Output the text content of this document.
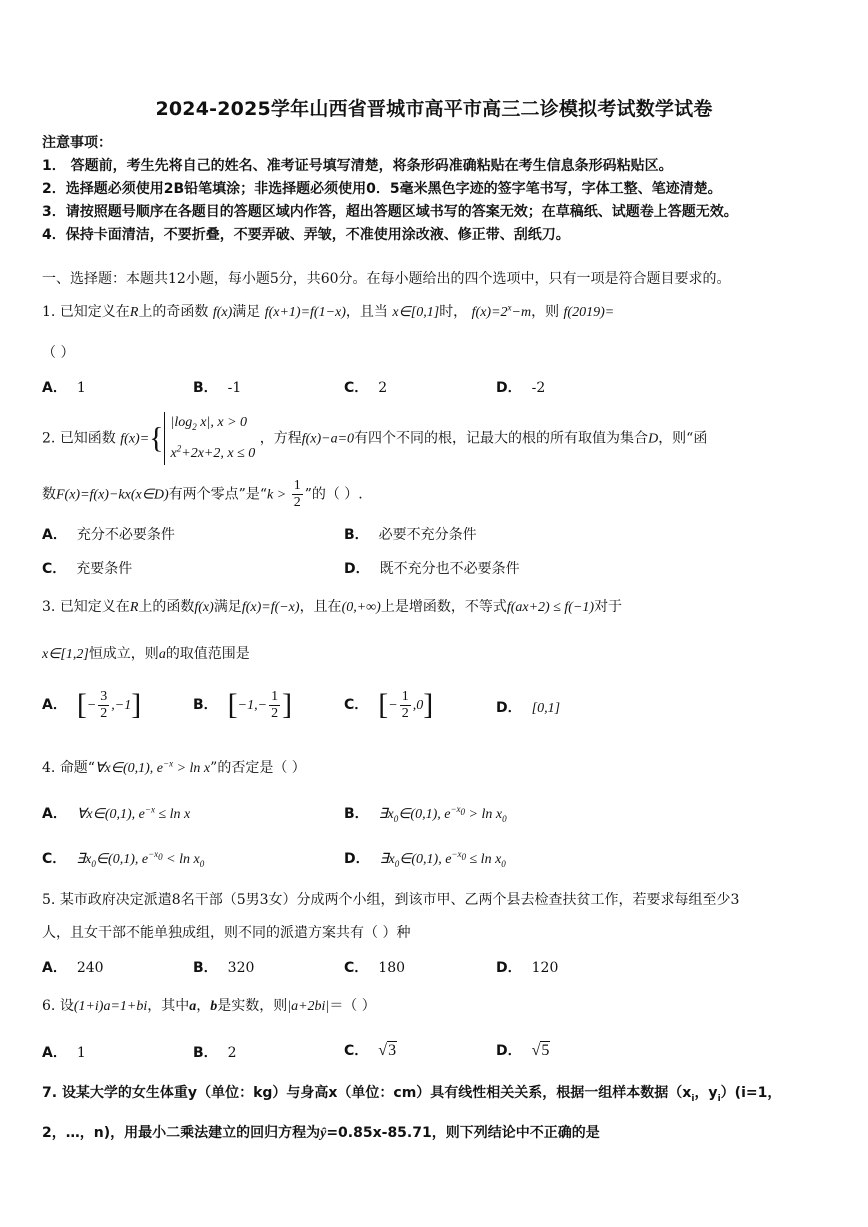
2024-2025学年山西省晋城市高平市高三二诊模拟考试数学试卷
注意事项：
1． 答题前，考生先将自己的姓名、准考证号填写清楚，将条形码准确粘贴在考生信息条形码粘贴区。
2．选择题必须使用2B铅笔填涂；非选择题必须使用0．5毫米黑色字迹的签字笔书写，字体工整、笔迹清楚。
3．请按照题号顺序在各题目的答题区域内作答，超出答题区域书写的答案无效；在草稿纸、试题卷上答题无效。
4．保持卡面清洁，不要折叠，不要弄破、弄皱，不准使用涂改液、修正带、刮纸刀。
一、选择题：本题共12小题，每小题5分，共60分。在每小题给出的四个选项中，只有一项是符合题目要求的。
1. 已知定义在R上的奇函数 f(x)满足 f(x+1)=f(1−x)，且当 x∈[0,1]时， $f(x)=2^x-m$，则 f(2019)=
（ ）
A． 1	B． -1	C． 2	D． -2
2. 已知函数 f(x)={ $|\log_2$ x|, x > 0
$x^2+2x+2$, x ≤ 0 ，方程f(x)−a=0有四个不同的根，记最大的根的所有取值为集合D，则“函
数F(x)=f(x)−kx(x∈D)有两个零点”是“$k > \frac{1}{2}$ ”的（ ）.
A． 充分不必要条件	B． 必要不充分条件
C． 充要条件	D． 既不充分也不必要条件
3. 已知定义在R上的函数f(x)满足f(x)=f(−x)，且在(0,+∞)上是增函数，不等式f(ax+2) ≤ f(−1)对于
x∈[1,2]恒成立，则a的取值范围是
A． [− $\frac{3}{2} ,-1$]	B． [$-1,- \frac{1}{2}$ ]	C． [− $\frac{1}{2} ,0$]	D． [0,1]
4. 命题“∀x∈(0,1), $e^{-x} > \ln x$”的否定是（ ）
A． ∀x∈(0,1), $e^{-x} \le \ln x$	B． $\exists x_0\in(0,1)$, $e^{-x_0} > \ln x_0$
C． $\exists x_0\in(0,1)$, $e^{-x_0} < \ln x_0$	D． $\exists x_0\in(0,1)$, $e^{-x_0} \le \ln x_0$
5. 某市政府决定派遣8名干部（5男3女）分成两个小组，到该市甲、乙两个县去检查扶贫工作，若要求每组至少3
人，且女干部不能单独成组，则不同的派遣方案共有（ ）种
A． 240	B． 320	C． 180	D． 120
6. 设(1+i)a=1+bi，其中a，b是实数，则|a+2bi|＝（ ）
A． 1	B． 2	C． √3	D． √5
7. 设某大学的女生体重y（单位：kg）与身高x（单位：cm）具有线性相关关系，根据一组样本数据（$x_i$，$y_i)(i=1$，
2，…，n)，用最小二乘法建立的回归方程为ŷ=0.85x-85.71，则下列结论中不正确的是
